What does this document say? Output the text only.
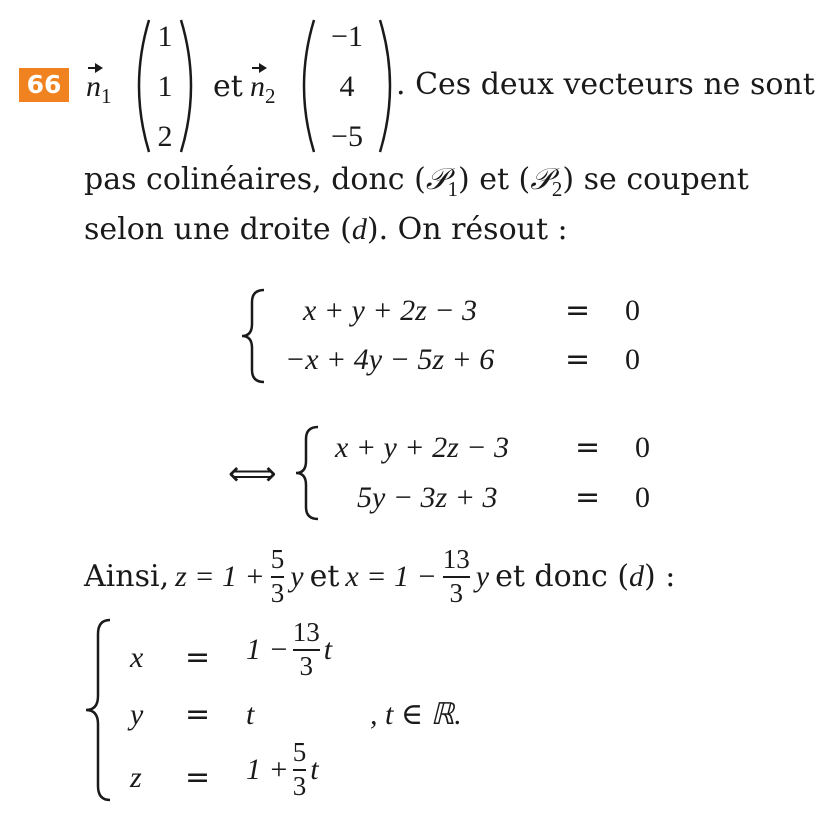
66 $n_1$
1
1
2
et $n_2$
−1
4
−5
. Ces deux vecteurs ne sont
pas colinéaires, donc (𝒫$_1$) et (𝒫$_2$) se coupent
selon une droite (d). On résout :
x + y + 2z − 3	= 0
−x + 4y − 5z + 6 = 0
⟺
x + y + 2z − 3 = 0
5y − 3z + 3	= 0
Ainsi, $z = 1 + \frac{5}{3}$ y et $x = 1 - \frac{13}{3}$ y et donc (d) :
$x = 1 - \frac{13}{3}$ t
y = t	, t ∈ ℝ.
$z = 1 + \frac{5}{3}$ t
